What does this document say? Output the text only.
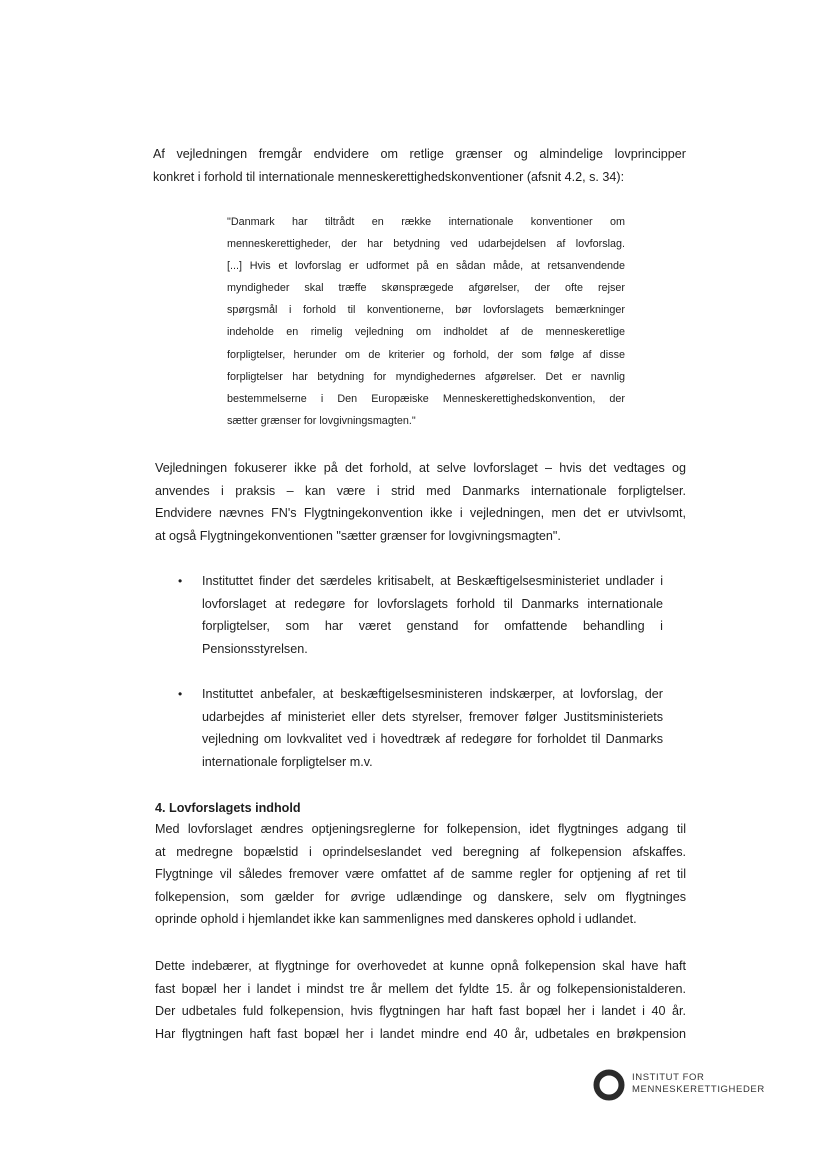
Af vejledningen fremgår endvidere om retlige grænser og almindelige lovprincipper
konkret i forhold til internationale menneskerettighedskonventioner (afsnit 4.2, s. 34):
"Danmark har tiltrådt en række internationale konventioner om
menneskerettigheder, der har betydning ved udarbejdelsen af lovforslag.
[...] Hvis et lovforslag er udformet på en sådan måde, at retsanvendende
myndigheder skal træffe skønsprægede afgørelser, der ofte rejser
spørgsmål i forhold til konventionerne, bør lovforslagets bemærkninger
indeholde en rimelig vejledning om indholdet af de menneskeretlige
forpligtelser, herunder om de kriterier og forhold, der som følge af disse
forpligtelser har betydning for myndighedernes afgørelser. Det er navnlig
bestemmelserne i Den Europæiske Menneskerettighedskonvention, der
sætter grænser for lovgivningsmagten."
Vejledningen fokuserer ikke på det forhold, at selve lovforslaget – hvis det vedtages og
anvendes i praksis – kan være i strid med Danmarks internationale forpligtelser.
Endvidere nævnes FN's Flygtningekonvention ikke i vejledningen, men det er utvivlsomt,
at også Flygtningekonventionen "sætter grænser for lovgivningsmagten".
• Instituttet finder det særdeles kritisabelt, at Beskæftigelsesministeriet undlader i
lovforslaget at redegøre for lovforslagets forhold til Danmarks internationale
forpligtelser, som har været genstand for omfattende behandling i
Pensionsstyrelsen.
• Instituttet anbefaler, at beskæftigelsesministeren indskærper, at lovforslag, der
udarbejdes af ministeriet eller dets styrelser, fremover følger Justitsministeriets
vejledning om lovkvalitet ved i hovedtræk af redegøre for forholdet til Danmarks
internationale forpligtelser m.v.
4. Lovforslagets indhold
Med lovforslaget ændres optjeningsreglerne for folkepension, idet flygtninges adgang til
at medregne bopælstid i oprindelseslandet ved beregning af folkepension afskaffes.
Flygtninge vil således fremover være omfattet af de samme regler for optjening af ret til
folkepension, som gælder for øvrige udlændinge og danskere, selv om flygtninges
oprinde ophold i hjemlandet ikke kan sammenlignes med danskeres ophold i udlandet.
Dette indebærer, at flygtninge for overhovedet at kunne opnå folkepension skal have haft
fast bopæl her i landet i mindst tre år mellem det fyldte 15. år og folkepensionistalderen.
Der udbetales fuld folkepension, hvis flygtningen har haft fast bopæl her i landet i 40 år.
Har flygtningen haft fast bopæl her i landet mindre end 40 år, udbetales en brøkpension
INSTITUT FOR
MENNESKERETTIGHEDER
